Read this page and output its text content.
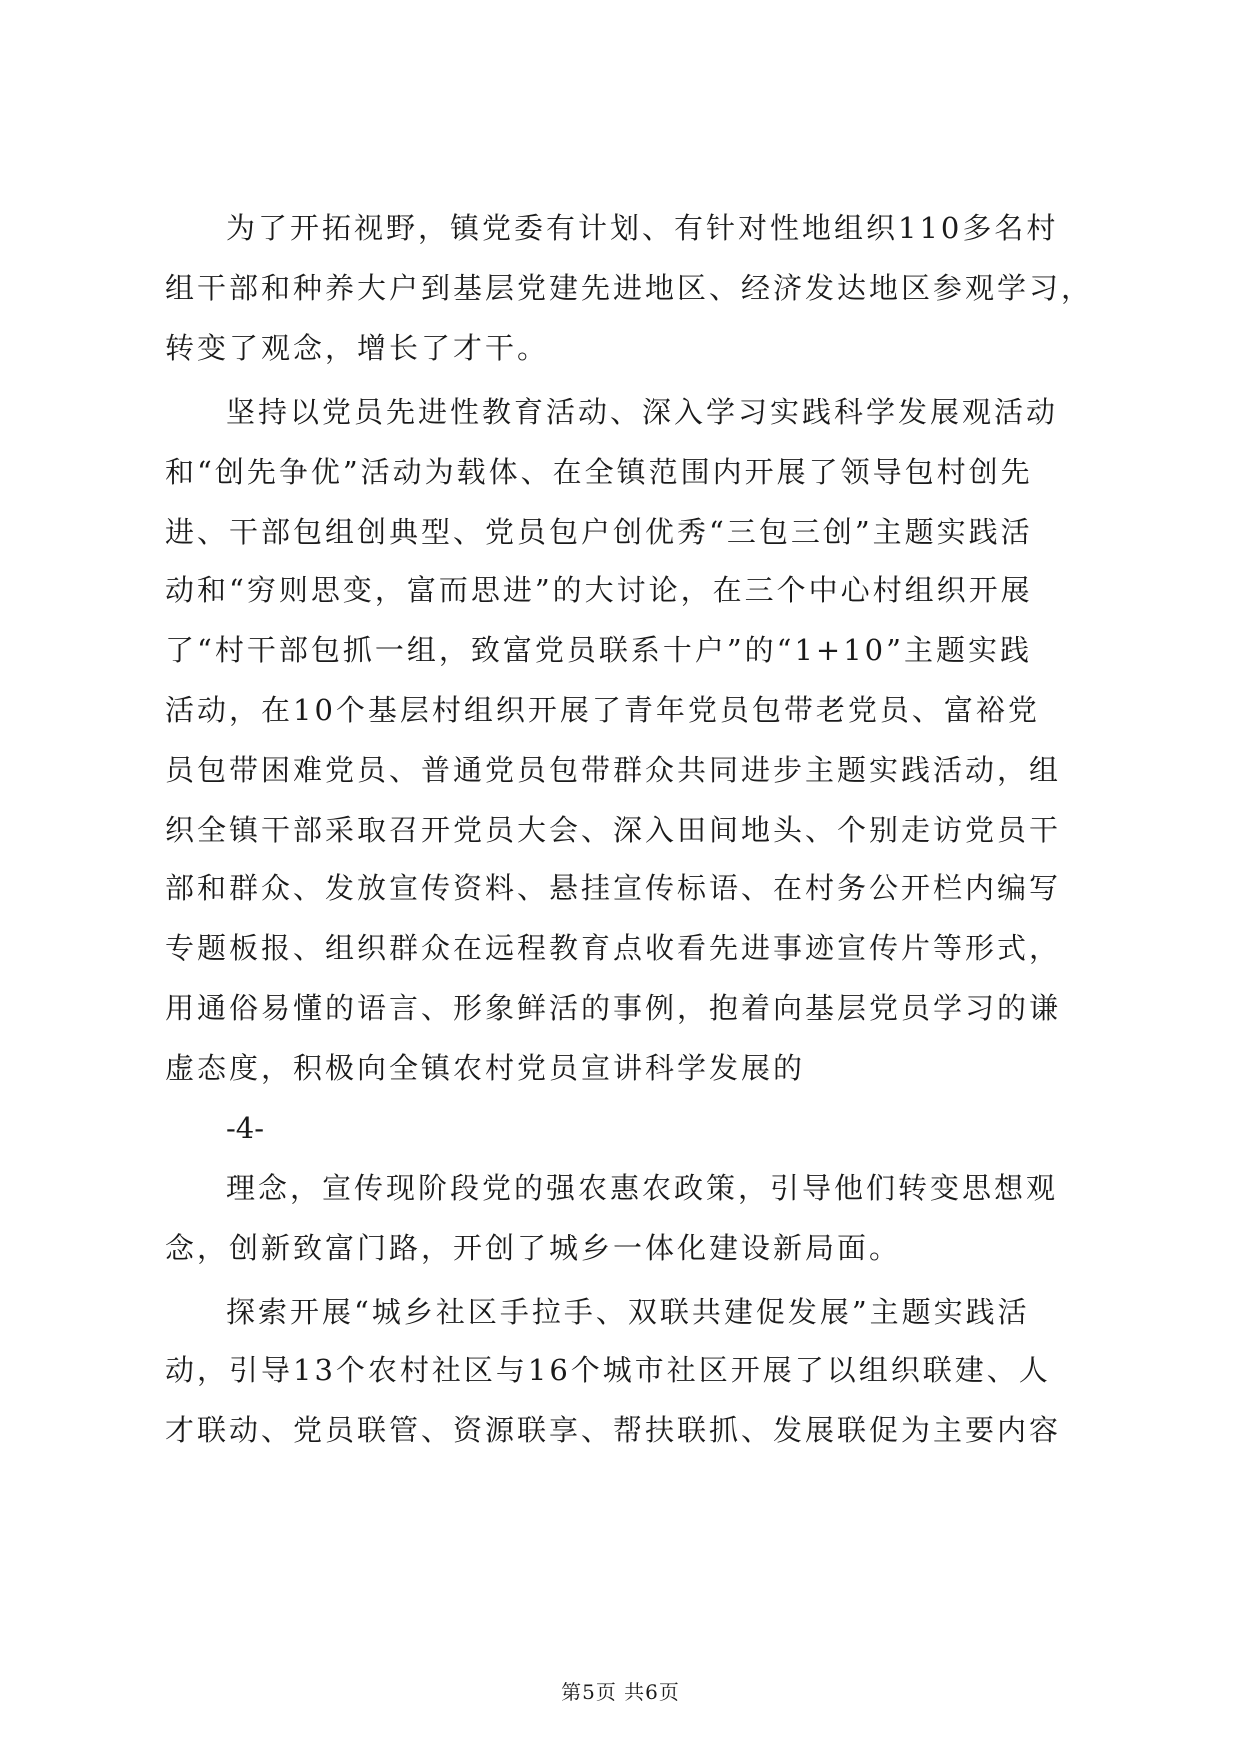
为了开拓视野，镇党委有计划、有针对性地组织110多名村
组干部和种养大户到基层党建先进地区、经济发达地区参观学习，
转变了观念，增长了才干。
坚持以党员先进性教育活动、深入学习实践科学发展观活动
和“创先争优”活动为载体、在全镇范围内开展了领导包村创先
进、干部包组创典型、党员包户创优秀“三包三创”主题实践活
动和“穷则思变，富而思进”的大讨论，在三个中心村组织开展
了“村干部包抓一组，致富党员联系十户”的“1+10”主题实践
活动，在10个基层村组织开展了青年党员包带老党员、富裕党
员包带困难党员、普通党员包带群众共同进步主题实践活动，组
织全镇干部采取召开党员大会、深入田间地头、个别走访党员干
部和群众、发放宣传资料、悬挂宣传标语、在村务公开栏内编写
专题板报、组织群众在远程教育点收看先进事迹宣传片等形式，
用通俗易懂的语言、形象鲜活的事例，抱着向基层党员学习的谦
虚态度，积极向全镇农村党员宣讲科学发展的
-4-
理念，宣传现阶段党的强农惠农政策，引导他们转变思想观
念，创新致富门路，开创了城乡一体化建设新局面。
探索开展“城乡社区手拉手、双联共建促发展”主题实践活
动，引导13个农村社区与16个城市社区开展了以组织联建、人
才联动、党员联管、资源联享、帮扶联抓、发展联促为主要内容
第5页 共6页
